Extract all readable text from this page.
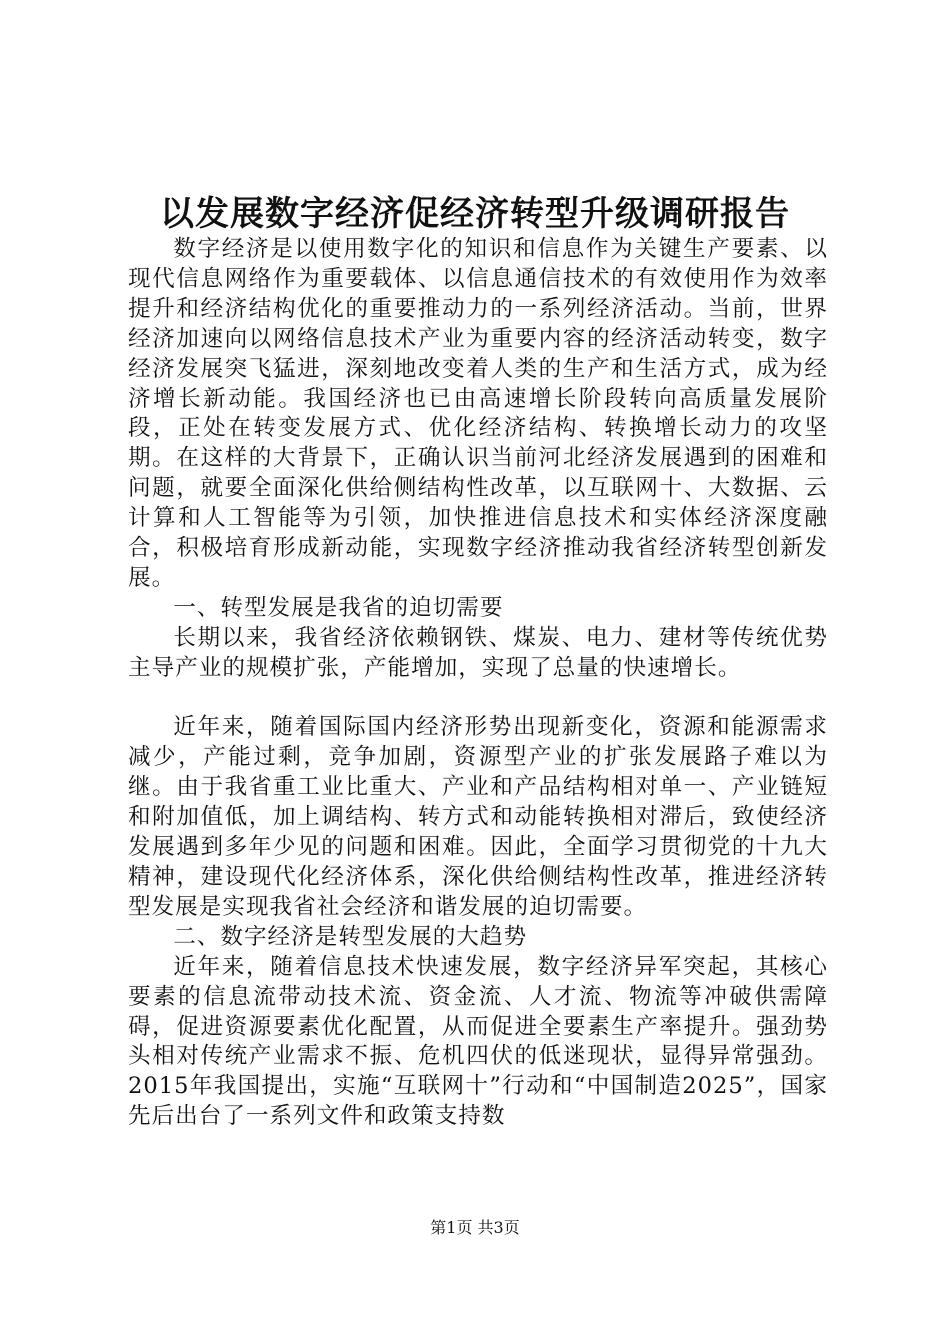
以发展数字经济促经济转型升级调研报告

数字经济是以使用数字化的知识和信息作为关键生产要素、以现代信息网络作为重要载体、以信息通信技术的有效使用作为效率提升和经济结构优化的重要推动力的一系列经济活动。当前，世界经济加速向以网络信息技术产业为重要内容的经济活动转变，数字经济发展突飞猛进，深刻地改变着人类的生产和生活方式，成为经济增长新动能。我国经济也已由高速增长阶段转向高质量发展阶段，正处在转变发展方式、优化经济结构、转换增长动力的攻坚期。在这样的大背景下，正确认识当前河北经济发展遇到的困难和问题，就要全面深化供给侧结构性改革，以互联网十、大数据、云计算和人工智能等为引领，加快推进信息技术和实体经济深度融合，积极培育形成新动能，实现数字经济推动我省经济转型创新发展。

一、转型发展是我省的迫切需要

长期以来，我省经济依赖钢铁、煤炭、电力、建材等传统优势主导产业的规模扩张，产能增加，实现了总量的快速增长。

近年来，随着国际国内经济形势出现新变化，资源和能源需求减少，产能过剩，竞争加剧，资源型产业的扩张发展路子难以为继。由于我省重工业比重大、产业和产品结构相对单一、产业链短和附加值低，加上调结构、转方式和动能转换相对滞后，致使经济发展遇到多年少见的问题和困难。因此，全面学习贯彻党的十九大精神，建设现代化经济体系，深化供给侧结构性改革，推进经济转型发展是实现我省社会经济和谐发展的迫切需要。

二、数字经济是转型发展的大趋势

近年来，随着信息技术快速发展，数字经济异军突起，其核心要素的信息流带动技术流、资金流、人才流、物流等冲破供需障碍，促进资源要素优化配置，从而促进全要素生产率提升。强劲势头相对传统产业需求不振、危机四伏的低迷现状，显得异常强劲。2015年我国提出，实施“互联网十”行动和“中国制造2025”，国家先后出台了一系列文件和政策支持数

第1页 共3页
